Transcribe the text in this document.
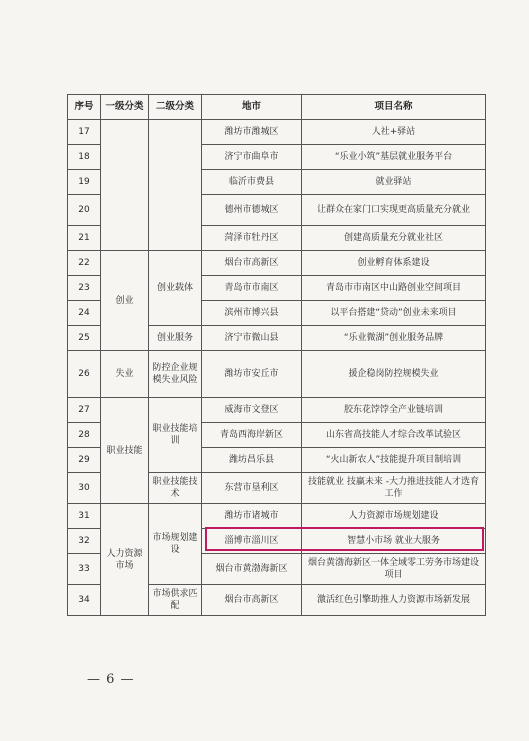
序号	一级分类	二级分类	地市	项目名称
17			潍坊市潍城区	人社+驿站
18			济宁市曲阜市	“乐业小筑”基层就业服务平台
19			临沂市费县	就业驿站
20			德州市德城区	让群众在家门口实现更高质量充分就业
21			菏泽市牡丹区	创建高质量充分就业社区
22	创业	创业载体	烟台市高新区	创业孵育体系建设
23			青岛市市南区	青岛市市南区中山路创业空间项目
24			滨州市博兴县	以平台搭建“贷动”创业未来项目
25		创业服务	济宁市微山县	“乐业微湖”创业服务品牌
26	失业	防控企业规模失业风险	潍坊市安丘市	援企稳岗防控规模失业
27	职业技能	职业技能培训	威海市文登区	胶东花饽饽全产业链培训
28			青岛西海岸新区	山东省高技能人才综合改革试验区
29			潍坊昌乐县	“火山新农人”技能提升项目制培训
30		职业技能技术	东营市垦利区	技能就业 技赢未来 -大力推进技能人才选育工作
31	人力资源市场	市场规划建设	潍坊市诸城市	人力资源市场规划建设
32			淄博市淄川区	智慧小市场 就业大服务
33			烟台市黄渤海新区	烟台黄渤海新区一体全域零工劳务市场建设项目
34		市场供求匹配	烟台市高新区	激活红色引擎助推人力资源市场新发展
— 6 —
